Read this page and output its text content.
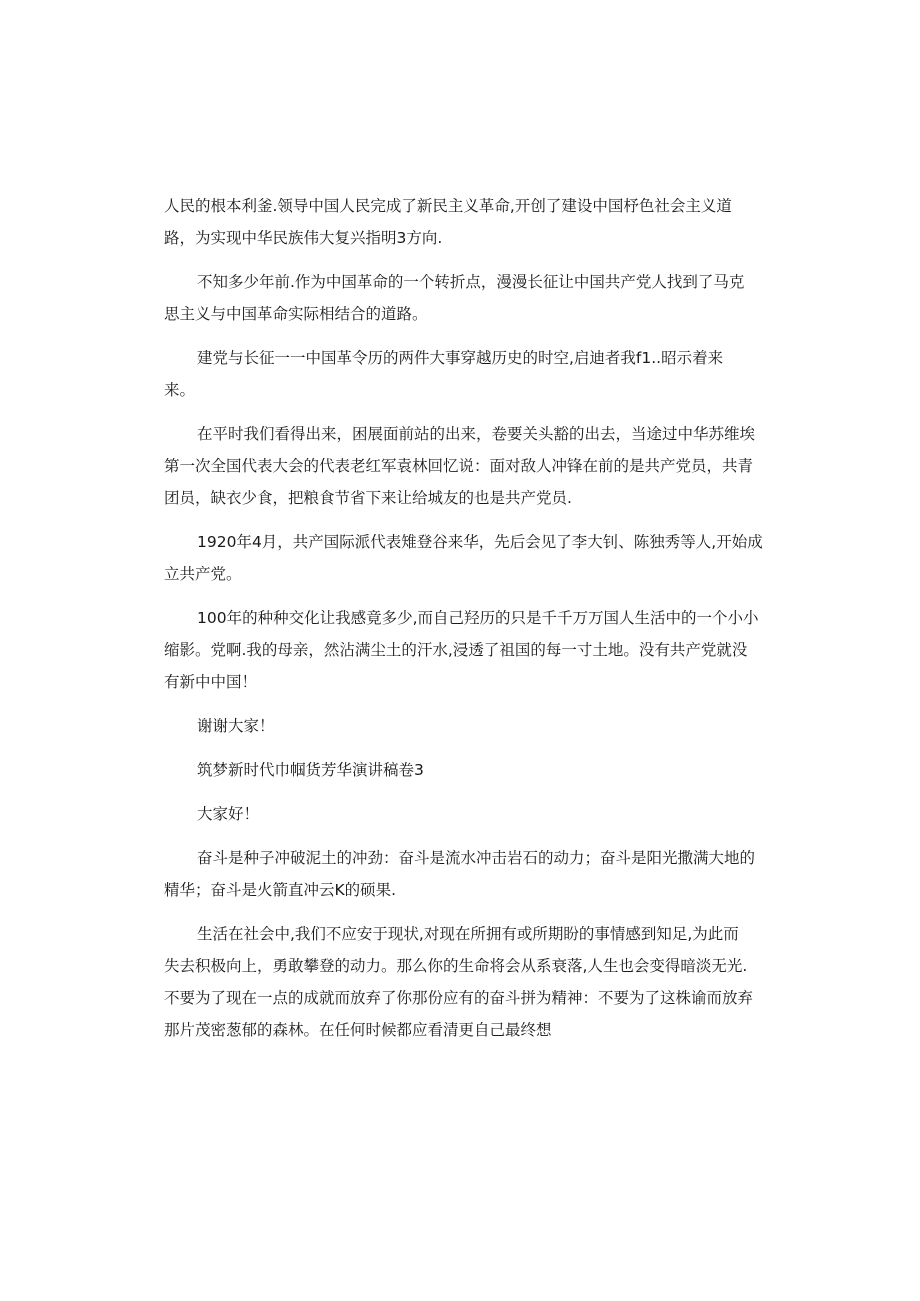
人民的根本利釜.领导中国人民完成了新民主义革命,开创了建设中国杼色社会主义道
路，为实现中华民族伟大复兴指明3方向.

不知多少年前.作为中国革命的一个转折点，漫漫长征让中国共产党人找到了马克
思主义与中国革命实际相结合的道路。

建党与长征一一中国革令历的两件大事穿越历史的时空,启迪者我f1..昭示着来
来。

在平时我们看得出来，困展面前站的出来，卷要关头豁的出去，当途过中华苏维埃
第一次全国代表大会的代表老红军袁林回忆说：面对敌人冲锋在前的是共产党员，共青
团员，缺衣少食，把粮食节省下来让给城友的也是共产党员.

1920年4月，共产国际派代表雉登谷来华，先后会见了李大钊、陈独秀等人,开始成
立共产党。

100年的种种交化让我感竟多少,而自己羟历的只是千千万万国人生活中的一个小小
缩影。党啊.我的母亲，然沾满尘土的汗水,浸透了祖国的每一寸土地。没有共产党就没
有新中中国！

谢谢大家！

筑梦新时代巾帼货芳华演讲稿卷3

大家好！

奋斗是种子冲破泥土的冲劲：奋斗是流水冲击岩石的动力；奋斗是阳光撒满大地的
精华；奋斗是火箭直冲云K的硕果.

生活在社会中,我们不应安于现状,对现在所拥有或所期盼的事情感到知足,为此而
失去积极向上，勇敢攀登的动力。那么你的生命将会从系衰落,人生也会变得暗淡无光.
不要为了现在一点的成就而放弃了你那份应有的奋斗拼为精神：不要为了这株谕而放弃
那片茂密葱郁的森林。在任何时候都应看清更自己最终想
